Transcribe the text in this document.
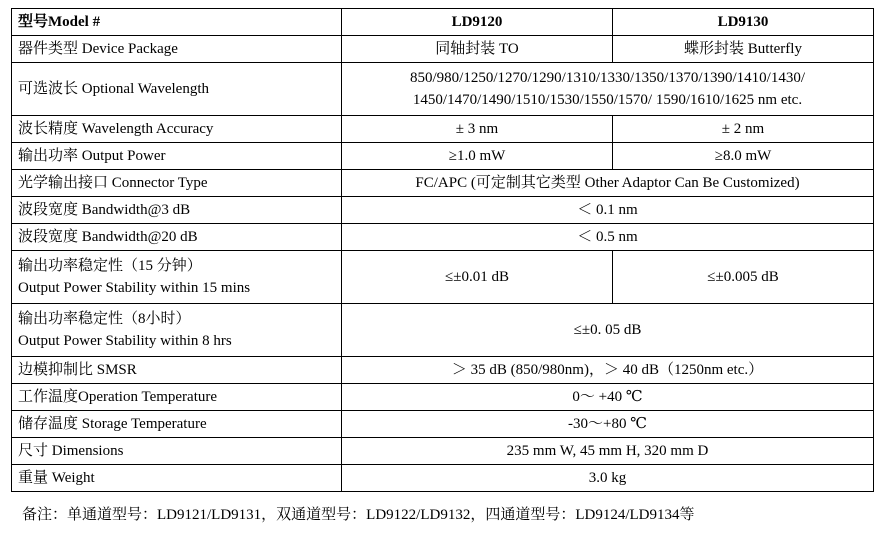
型号Model #	LD9120	LD9130
器件类型 Device Package	同轴封装 TO	蝶形封装 Butterfly
可选波长 Optional Wavelength	850/980/1250/1270/1290/1310/1330/1350/1370/1390/1410/1430/
1450/1470/1490/1510/1530/1550/1570/ 1590/1610/1625 nm etc.	

波长精度 Wavelength Accuracy	± 3 nm	± 2 nm
输出功率 Output Power	≥1.0 mW	≥8.0 mW
光学输出接口 Connector Type	FC/APC (可定制其它类型 Other Adaptor Can Be Customized)	
波段宽度 Bandwidth@3 dB	＜ 0.1 nm	
波段宽度 Bandwidth@20 dB	＜ 0.5 nm	

输出功率稳定性（15 分钟）
Output Power Stability within 15 mins	≤±0.01 dB	≤±0.005 dB

输出功率稳定性（8小时）
Output Power Stability within 8 hrs	≤±0. 05 dB	
边模抑制比 SMSR	＞ 35 dB (850/980nm)，＞ 40 dB（1250nm etc.）	
工作温度Operation Temperature	0～ +40 ℃	
储存温度 Storage Temperature	-30～+80 ℃	
尺寸 Dimensions	235 mm W, 45 mm H, 320 mm D	
重量 Weight	3.0 kg	
备注：单通道型号：LD9121/LD9131，双通道型号：LD9122/LD9132，四通道型号：LD9124/LD9134等
